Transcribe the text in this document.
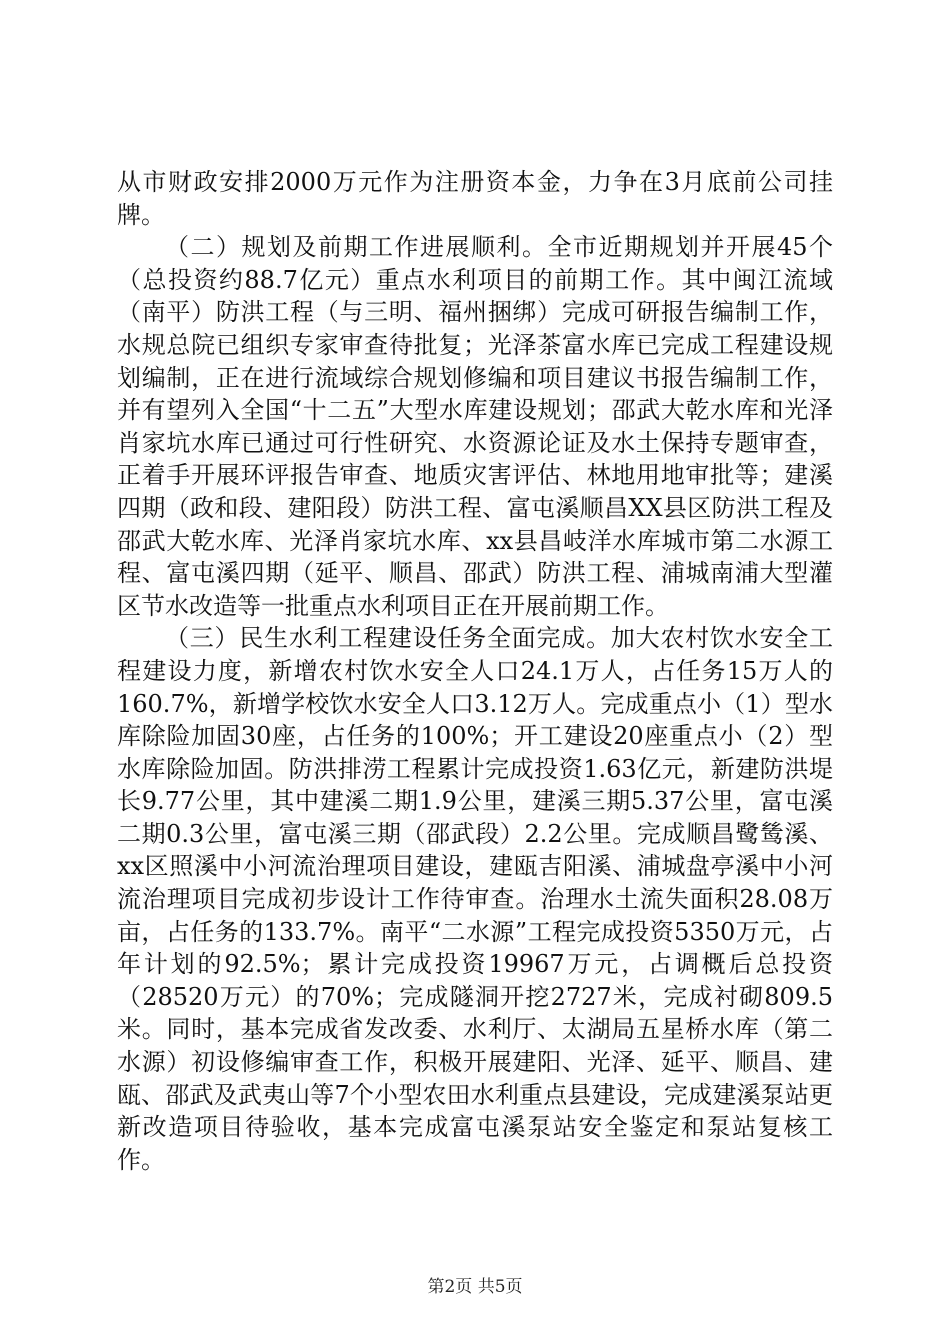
从市财政安排2000万元作为注册资本金，力争在3月底前公司挂牌。

（二）规划及前期工作进展顺利。全市近期规划并开展45个（总投资约88.7亿元）重点水利项目的前期工作。其中闽江流域（南平）防洪工程（与三明、福州捆绑）完成可研报告编制工作，水规总院已组织专家审查待批复；光泽茶富水库已完成工程建设规划编制，正在进行流域综合规划修编和项目建议书报告编制工作，并有望列入全国“十二五”大型水库建设规划；邵武大乾水库和光泽肖家坑水库已通过可行性研究、水资源论证及水土保持专题审查，正着手开展环评报告审查、地质灾害评估、林地用地审批等；建溪四期（政和段、建阳段）防洪工程、富屯溪顺昌XX县区防洪工程及邵武大乾水库、光泽肖家坑水库、xx县昌岐洋水库城市第二水源工程、富屯溪四期（延平、顺昌、邵武）防洪工程、浦城南浦大型灌区节水改造等一批重点水利项目正在开展前期工作。

（三）民生水利工程建设任务全面完成。加大农村饮水安全工程建设力度，新增农村饮水安全人口24.1万人，占任务15万人的160.7%，新增学校饮水安全人口3.12万人。完成重点小（1）型水库除险加固30座，占任务的100%；开工建设20座重点小（2）型水库除险加固。防洪排涝工程累计完成投资1.63亿元，新建防洪堤长9.77公里，其中建溪二期1.9公里，建溪三期5.37公里，富屯溪二期0.3公里，富屯溪三期（邵武段）2.2公里。完成顺昌鹭鸶溪、xx区照溪中小河流治理项目建设，建瓯吉阳溪、浦城盘亭溪中小河流治理项目完成初步设计工作待审查。治理水土流失面积28.08万亩，占任务的133.7%。南平“二水源”工程完成投资5350万元，占年计划的92.5%；累计完成投资19967万元，占调概后总投资（28520万元）的70%；完成隧洞开挖2727米，完成衬砌809.5米。同时，基本完成省发改委、水利厅、太湖局五星桥水库（第二水源）初设修编审查工作，积极开展建阳、光泽、延平、顺昌、建瓯、邵武及武夷山等7个小型农田水利重点县建设，完成建溪泵站更新改造项目待验收，基本完成富屯溪泵站安全鉴定和泵站复核工作。

第2页 共5页
